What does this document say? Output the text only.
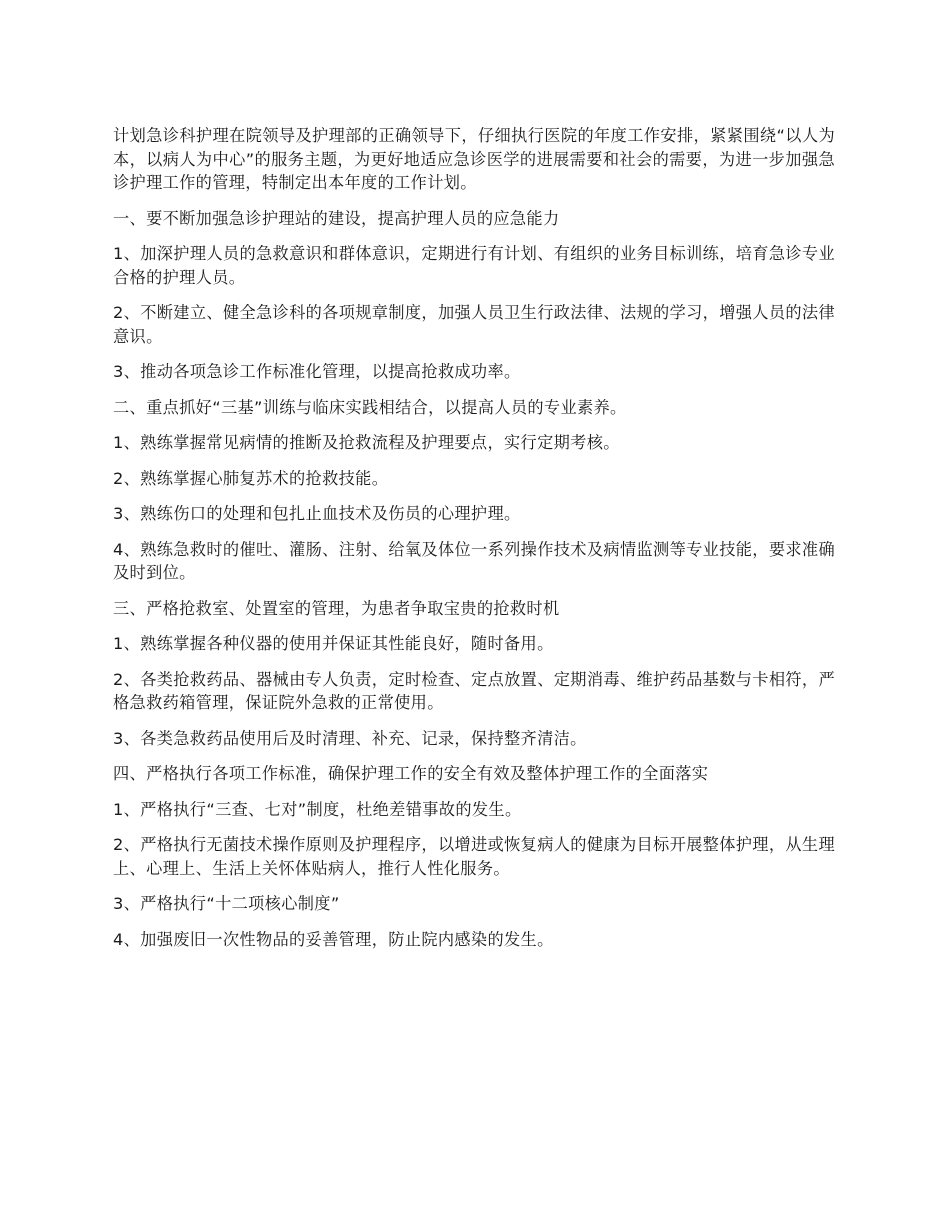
计划急诊科护理在院领导及护理部的正确领导下，仔细执行医院的年度工作安排，紧紧围绕“以人为本，以病人为中心”的服务主题，为更好地适应急诊医学的进展需要和社会的需要，为进一步加强急诊护理工作的管理，特制定出本年度的工作计划。

一、要不断加强急诊护理站的建设，提高护理人员的应急能力

1、加深护理人员的急救意识和群体意识，定期进行有计划、有组织的业务目标训练，培育急诊专业合格的护理人员。

2、不断建立、健全急诊科的各项规章制度，加强人员卫生行政法律、法规的学习，增强人员的法律意识。

3、推动各项急诊工作标准化管理，以提高抢救成功率。

二、重点抓好“三基”训练与临床实践相结合，以提高人员的专业素养。

1、熟练掌握常见病情的推断及抢救流程及护理要点，实行定期考核。

2、熟练掌握心肺复苏术的抢救技能。

3、熟练伤口的处理和包扎止血技术及伤员的心理护理。

4、熟练急救时的催吐、灌肠、注射、给氧及体位一系列操作技术及病情监测等专业技能，要求准确及时到位。

三、严格抢救室、处置室的管理，为患者争取宝贵的抢救时机

1、熟练掌握各种仪器的使用并保证其性能良好，随时备用。

2、各类抢救药品、器械由专人负责，定时检查、定点放置、定期消毒、维护药品基数与卡相符，严格急救药箱管理，保证院外急救的正常使用。

3、各类急救药品使用后及时清理、补充、记录，保持整齐清洁。

四、严格执行各项工作标准，确保护理工作的安全有效及整体护理工作的全面落实

1、严格执行“三查、七对”制度，杜绝差错事故的发生。

2、严格执行无菌技术操作原则及护理程序，以增进或恢复病人的健康为目标开展整体护理，从生理上、心理上、生活上关怀体贴病人，推行人性化服务。

3、严格执行“十二项核心制度”

4、加强废旧一次性物品的妥善管理，防止院内感染的发生。
